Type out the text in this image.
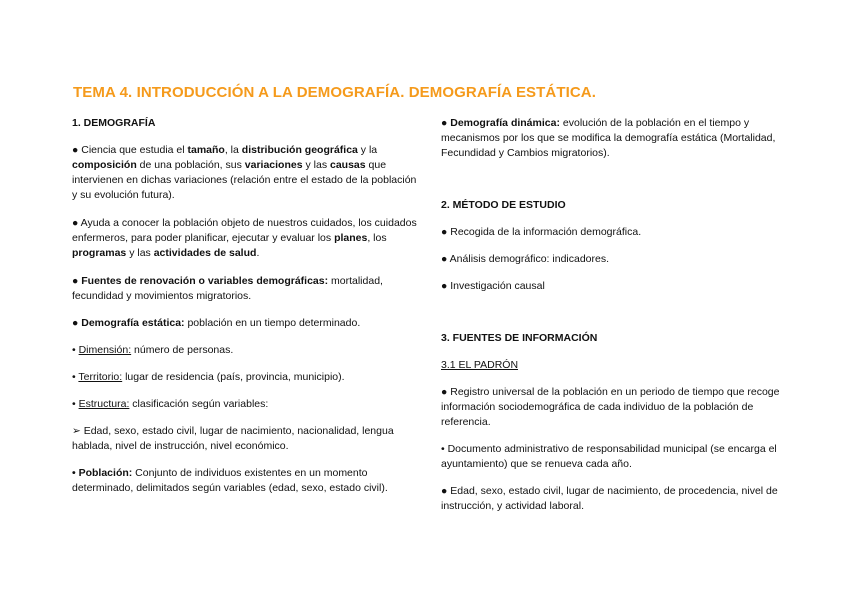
TEMA 4. INTRODUCCIÓN A LA DEMOGRAFÍA. DEMOGRAFÍA ESTÁTICA.

1. DEMOGRAFÍA

● Ciencia que estudia el tamaño, la distribución geográfica y la composición de una población, sus variaciones y las causas que intervienen en dichas variaciones (relación entre el estado de la población y su evolución futura).

● Ayuda a conocer la población objeto de nuestros cuidados, los cuidados enfermeros, para poder planificar, ejecutar y evaluar los planes, los programas y las actividades de salud.

● Fuentes de renovación o variables demográficas: mortalidad, fecundidad y movimientos migratorios.

● Demografía estática: población en un tiempo determinado.

• Dimensión: número de personas.

• Territorio: lugar de residencia (país, provincia, municipio).

• Estructura: clasificación según variables:

➢ Edad, sexo, estado civil, lugar de nacimiento, nacionalidad, lengua hablada, nivel de instrucción, nivel económico.

• Población: Conjunto de individuos existentes en un momento determinado, delimitados según variables (edad, sexo, estado civil).

● Demografía dinámica: evolución de la población en el tiempo y mecanismos por los que se modifica la demografía estática (Mortalidad, Fecundidad y Cambios migratorios).

2. MÉTODO DE ESTUDIO

● Recogida de la información demográfica.

● Análisis demográfico: indicadores.

● Investigación causal

3. FUENTES DE INFORMACIÓN

3.1 EL PADRÓN

● Registro universal de la población en un periodo de tiempo que recoge información sociodemográfica de cada individuo de la población de referencia.

• Documento administrativo de responsabilidad municipal (se encarga el ayuntamiento) que se renueva cada año.

● Edad, sexo, estado civil, lugar de nacimiento, de procedencia, nivel de instrucción, y actividad laboral.
